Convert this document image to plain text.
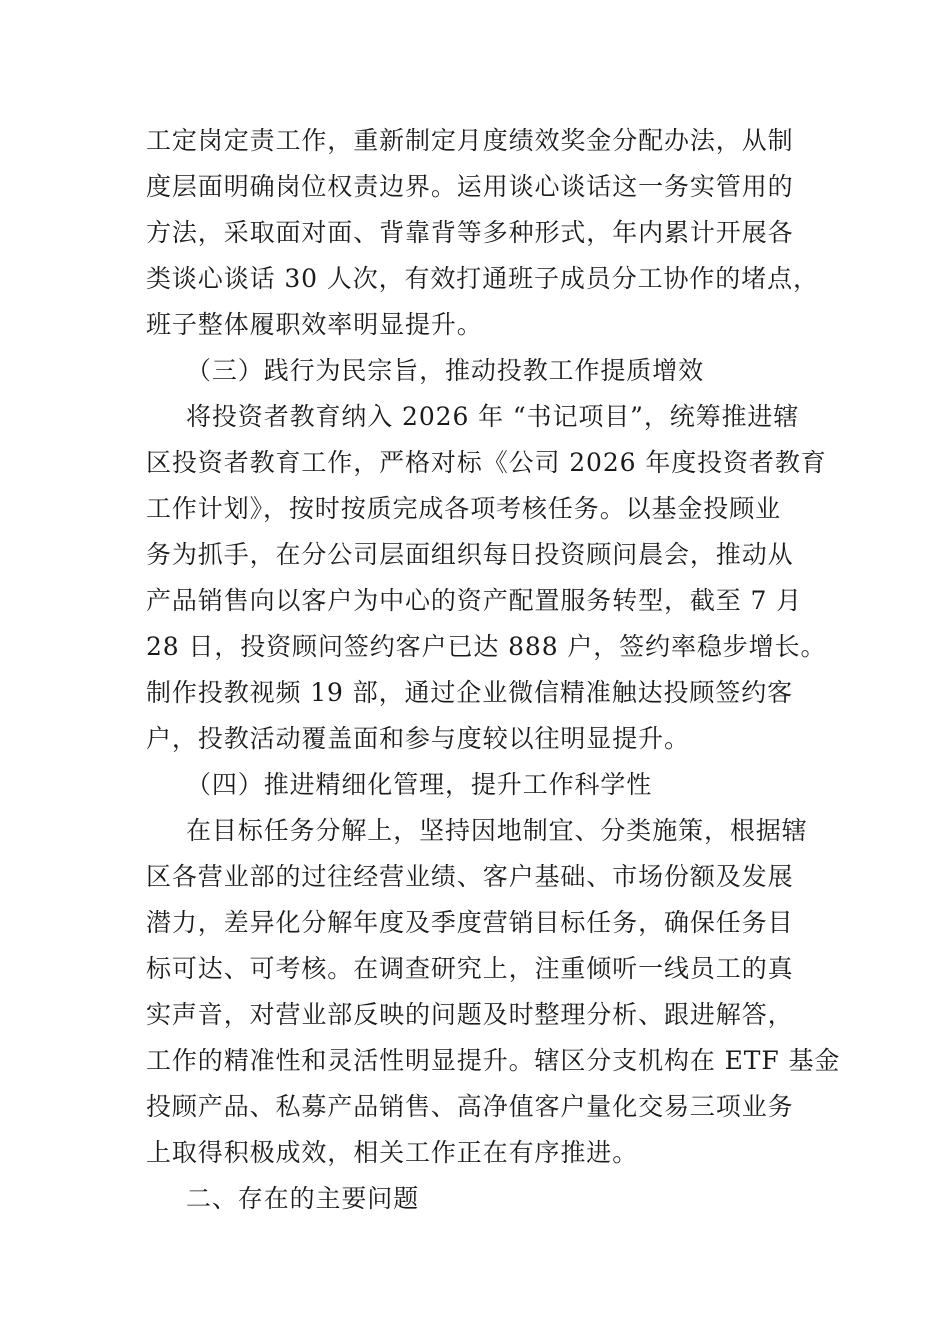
工定岗定责工作，重新制定月度绩效奖金分配办法，从制
度层面明确岗位权责边界。运用谈心谈话这一务实管用的
方法，采取面对面、背靠背等多种形式，年内累计开展各
类谈心谈话 30 人次，有效打通班子成员分工协作的堵点，
班子整体履职效率明显提升。
（三）践行为民宗旨，推动投教工作提质增效
将投资者教育纳入 2026 年 “书记项目”，统筹推进辖
区投资者教育工作，严格对标《公司 2026 年度投资者教育
工作计划》，按时按质完成各项考核任务。以基金投顾业
务为抓手，在分公司层面组织每日投资顾问晨会，推动从
产品销售向以客户为中心的资产配置服务转型，截至 7 月
28 日，投资顾问签约客户已达 888 户，签约率稳步增长。
制作投教视频 19 部，通过企业微信精准触达投顾签约客
户，投教活动覆盖面和参与度较以往明显提升。
（四）推进精细化管理，提升工作科学性
在目标任务分解上，坚持因地制宜、分类施策，根据辖
区各营业部的过往经营业绩、客户基础、市场份额及发展
潜力，差异化分解年度及季度营销目标任务，确保任务目
标可达、可考核。在调查研究上，注重倾听一线员工的真
实声音，对营业部反映的问题及时整理分析、跟进解答，
工作的精准性和灵活性明显提升。辖区分支机构在 ETF 基金
投顾产品、私募产品销售、高净值客户量化交易三项业务
上取得积极成效，相关工作正在有序推进。
二、存在的主要问题
